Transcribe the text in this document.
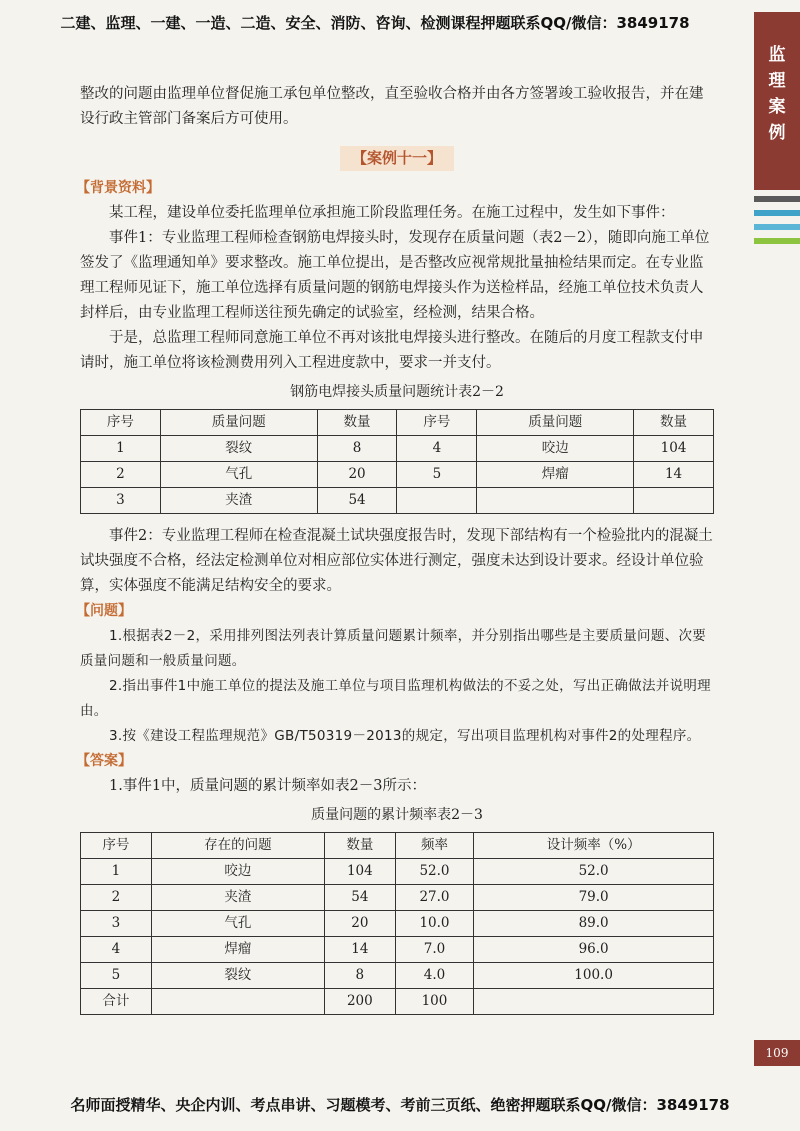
二建、监理、一建、一造、二造、安全、消防、咨询、检测课程押题联系QQ/微信：3849178
监
理
案
例
109

整改的问题由监理单位督促施工承包单位整改，直至验收合格并由各方签署竣工验收报告，并在建设行政主管部门备案后方可使用。

【案例十一】
【背景资料】

某工程，建设单位委托监理单位承担施工阶段监理任务。在施工过程中，发生如下事件：

事件1：专业监理工程师检查钢筋电焊接头时，发现存在质量问题（表2－2），随即向施工单位签发了《监理通知单》要求整改。施工单位提出，是否整改应视常规批量抽检结果而定。在专业监理工程师见证下，施工单位选择有质量问题的钢筋电焊接头作为送检样品，经施工单位技术负责人封样后，由专业监理工程师送往预先确定的试验室，经检测，结果合格。

于是，总监理工程师同意施工单位不再对该批电焊接头进行整改。在随后的月度工程款支付申请时，施工单位将该检测费用列入工程进度款中，要求一并支付。

钢筋电焊接头质量问题统计表2－2
序号	质量问题	数量	序号	质量问题	数量
1	裂纹	8	4	咬边	104
2	气孔	20	5	焊瘤	14
3	夹渣	54			

事件2：专业监理工程师在检查混凝土试块强度报告时，发现下部结构有一个检验批内的混凝土试块强度不合格，经法定检测单位对相应部位实体进行测定，强度未达到设计要求。经设计单位验算，实体强度不能满足结构安全的要求。

【问题】

1.根据表2－2，采用排列图法列表计算质量问题累计频率，并分别指出哪些是主要质量问题、次要质量问题和一般质量问题。

2.指出事件1中施工单位的提法及施工单位与项目监理机构做法的不妥之处，写出正确做法并说明理由。

3.按《建设工程监理规范》GB/T50319－2013的规定，写出项目监理机构对事件2的处理程序。

【答案】

1.事件1中，质量问题的累计频率如表2－3所示：

质量问题的累计频率表2－3
序号	存在的问题	数量	频率	设计频率（%）
1	咬边	104	52.0	52.0
2	夹渣	54	27.0	79.0
3	气孔	20	10.0	89.0
4	焊瘤	14	7.0	96.0
5	裂纹	8	4.0	100.0
合计		200	100	
名师面授精华、央企内训、考点串讲、习题模考、考前三页纸、绝密押题联系QQ/微信：3849178
